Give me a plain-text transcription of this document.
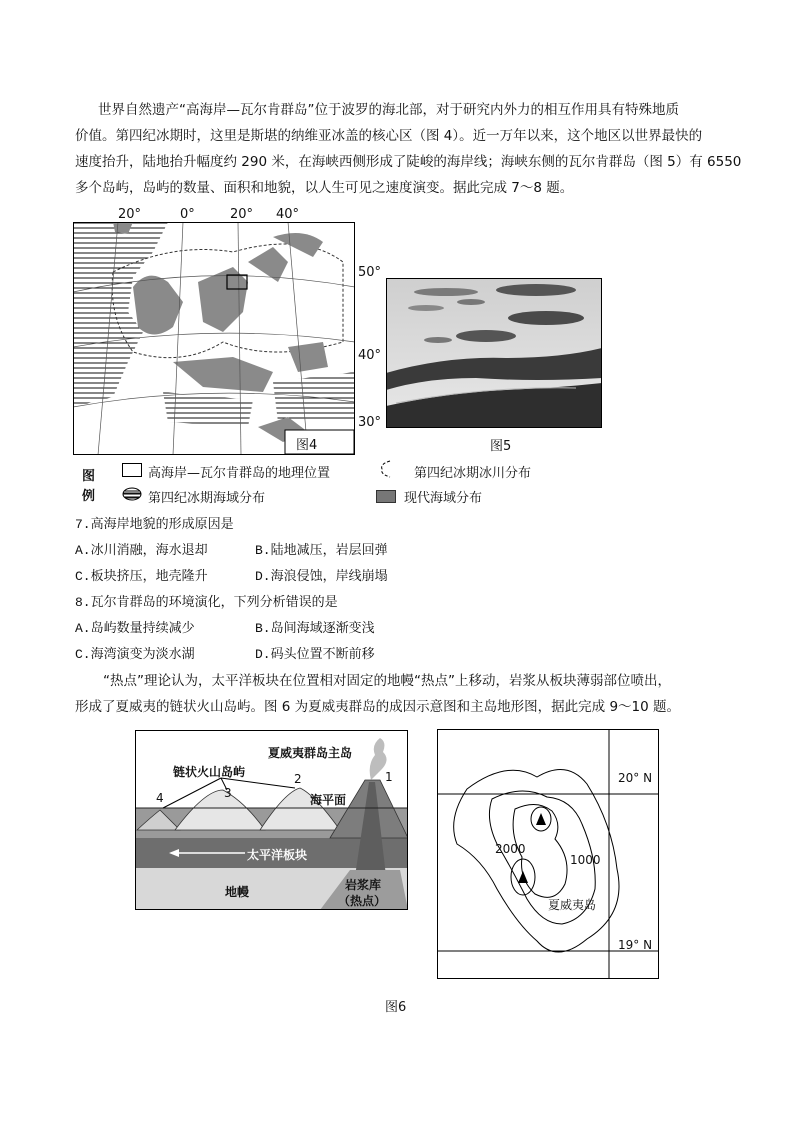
世界自然遗产“高海岸—瓦尔肯群岛”位于波罗的海北部，对于研究内外力的相互作用具有特殊地质
价值。第四纪冰期时，这里是斯堪的纳维亚冰盖的核心区（图 4）。近一万年以来，这个地区以世界最快的
速度抬升，陆地抬升幅度约 290 米，在海峡西侧形成了陡峻的海岸线；海峡东侧的瓦尔肯群岛（图 5）有 6550
多个岛屿，岛屿的数量、面积和地貌，以人生可见之速度演变。据此完成 7～8 题。
20°	0°	20° 40°
50°
40°
30°
图4	图5
图
例
高海岸—瓦尔肯群岛的地理位置	第四纪冰期冰川分布
第四纪冰期海域分布	现代海域分布
7.高海岸地貌的形成原因是
A.冰川消融，海水退却	B.陆地减压，岩层回弹
C.板块挤压，地壳隆升	D.海浪侵蚀，岸线崩塌
8.瓦尔肯群岛的环境演化，下列分析错误的是
A.岛屿数量持续减少	B.岛间海域逐渐变浅
C.海湾演变为淡水湖	D.码头位置不断前移
“热点”理论认为，太平洋板块在位置相对固定的地幔“热点”上移动，岩浆从板块薄弱部位喷出，
形成了夏威夷的链状火山岛屿。图 6 为夏威夷群岛的成因示意图和主岛地形图，据此完成 9～10 题。
夏威夷群岛主岛
链状火山岛屿
海平面
太平洋板块
地幔	岩浆库
（热点）
1
2
3
4
20° N
19° N
2000
1000
夏威夷岛
图6
